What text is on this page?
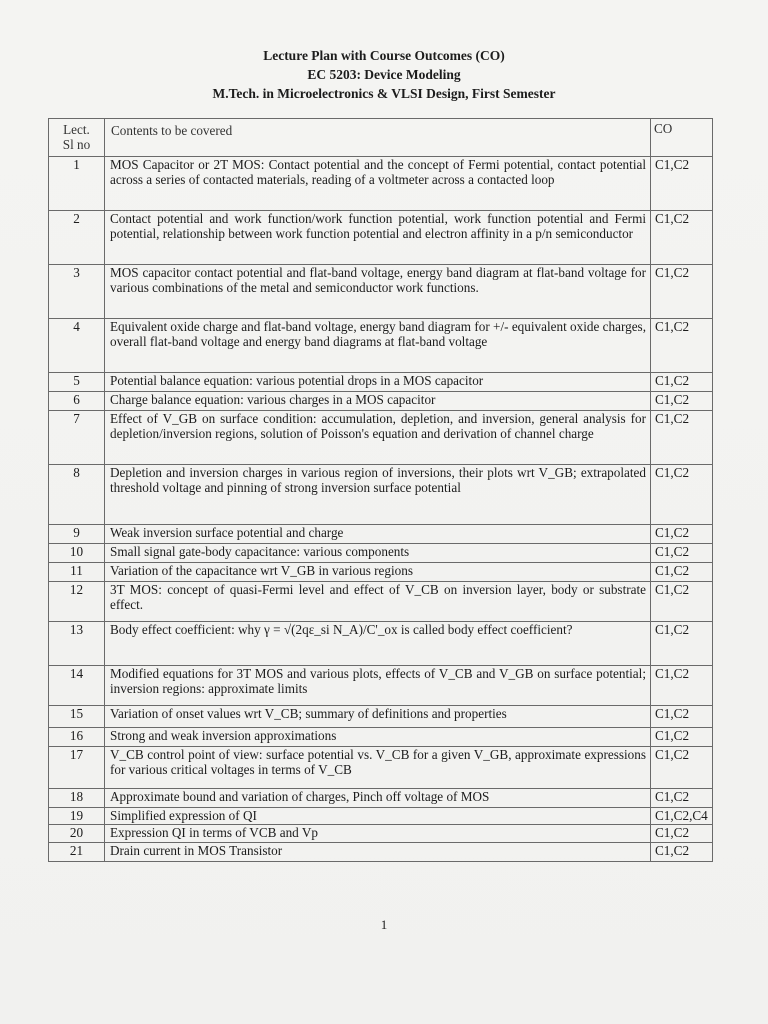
Lecture Plan with Course Outcomes (CO)
EC 5203: Device Modeling
M.Tech. in Microelectronics & VLSI Design, First Semester
Lect.
Sl no	Contents to be covered	CO
1	MOS Capacitor or 2T MOS: Contact potential and the concept of Fermi potential, contact potential across a series of contacted materials, reading of a voltmeter across a contacted loop	C1,C2
2	Contact potential and work function/work function potential, work function potential and Fermi potential, relationship between work function potential and electron affinity in a p/n semiconductor	C1,C2
3	MOS capacitor contact potential and flat-band voltage, energy band diagram at flat-band voltage for various combinations of the metal and semiconductor work functions.	C1,C2
4	Equivalent oxide charge and flat-band voltage, energy band diagram for +/- equivalent oxide charges, overall flat-band voltage and energy band diagrams at flat-band voltage	C1,C2
5	Potential balance equation: various potential drops in a MOS capacitor	C1,C2
6	Charge balance equation: various charges in a MOS capacitor	C1,C2
7	Effect of V_GB on surface condition: accumulation, depletion, and inversion, general analysis for depletion/inversion regions, solution of Poisson's equation and derivation of channel charge	C1,C2
8	Depletion and inversion charges in various region of inversions, their plots wrt V_GB; extrapolated threshold voltage and pinning of strong inversion surface potential	C1,C2
9	Weak inversion surface potential and charge	C1,C2
10	Small signal gate-body capacitance: various components	C1,C2
11	Variation of the capacitance wrt V_GB in various regions	C1,C2
12	3T MOS: concept of quasi-Fermi level and effect of V_CB on inversion layer, body or substrate effect.	C1,C2
13	Body effect coefficient: why γ = √(2qε_si N_A)/C'_ox is called body effect coefficient?	C1,C2
14	Modified equations for 3T MOS and various plots, effects of V_CB and V_GB on surface potential; inversion regions: approximate limits	C1,C2
15	Variation of onset values wrt V_CB; summary of definitions and properties	C1,C2
16	Strong and weak inversion approximations	C1,C2
17	V_CB control point of view: surface potential vs. V_CB for a given V_GB, approximate expressions for various critical voltages in terms of V_CB	C1,C2
18	Approximate bound and variation of charges, Pinch off voltage of MOS	C1,C2
19	Simplified expression of QI	C1,C2,C4
20	Expression QI in terms of VCB and Vp	C1,C2
21	Drain current in MOS Transistor	C1,C2
1
